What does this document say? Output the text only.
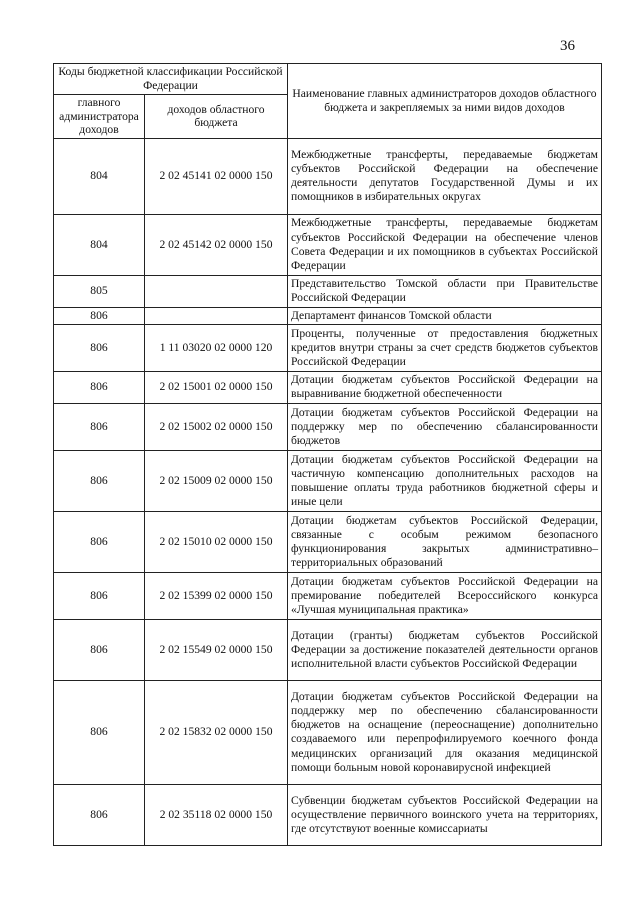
36
Коды бюджетной классификации Российской Федерации		Наименование главных администраторов доходов областного бюджета и закрепляемых за ними видов доходов
главного администратора доходов	доходов областного бюджета	
804	2 02 45141 02 0000 150	Межбюджетные трансферты, передаваемые бюджетам субъектов Российской Федерации на обеспечение деятельности депутатов Государственной Думы и их помощников в избирательных округах
804	2 02 45142 02 0000 150	Межбюджетные трансферты, передаваемые бюджетам субъектов Российской Федерации на обеспечение членов Совета Федерации и их помощников в субъектах Российской Федерации
805		Представительство Томской области при Правительстве Российской Федерации
806		Департамент финансов Томской области
806	1 11 03020 02 0000 120	Проценты, полученные от предоставления бюджетных кредитов внутри страны за счет средств бюджетов субъектов Российской Федерации
806	2 02 15001 02 0000 150	Дотации бюджетам субъектов Российской Федерации на выравнивание бюджетной обеспеченности
806	2 02 15002 02 0000 150	Дотации бюджетам субъектов Российской Федерации на поддержку мер по обеспечению сбалансированности бюджетов
806	2 02 15009 02 0000 150	Дотации бюджетам субъектов Российской Федерации на частичную компенсацию дополнительных расходов на повышение оплаты труда работников бюджетной сферы и иные цели
806	2 02 15010 02 0000 150	Дотации бюджетам субъектов Российской Федерации, связанные с особым режимом безопасного функционирования закрытых административно–территориальных образований
806	2 02 15399 02 0000 150	Дотации бюджетам субъектов Российской Федерации на премирование победителей Всероссийского конкурса «Лучшая муниципальная практика»
806	2 02 15549 02 0000 150	Дотации (гранты) бюджетам субъектов Российской Федерации за достижение показателей деятельности органов исполнительной власти субъектов Российской Федерации
806	2 02 15832 02 0000 150	Дотации бюджетам субъектов Российской Федерации на поддержку мер по обеспечению сбалансированности бюджетов на оснащение (переоснащение) дополнительно создаваемого или перепрофилируемого коечного фонда медицинских организаций для оказания медицинской помощи больным новой коронавирусной инфекцией
806	2 02 35118 02 0000 150	Субвенции бюджетам субъектов Российской Федерации на осуществление первичного воинского учета на территориях, где отсутствуют военные комиссариаты
